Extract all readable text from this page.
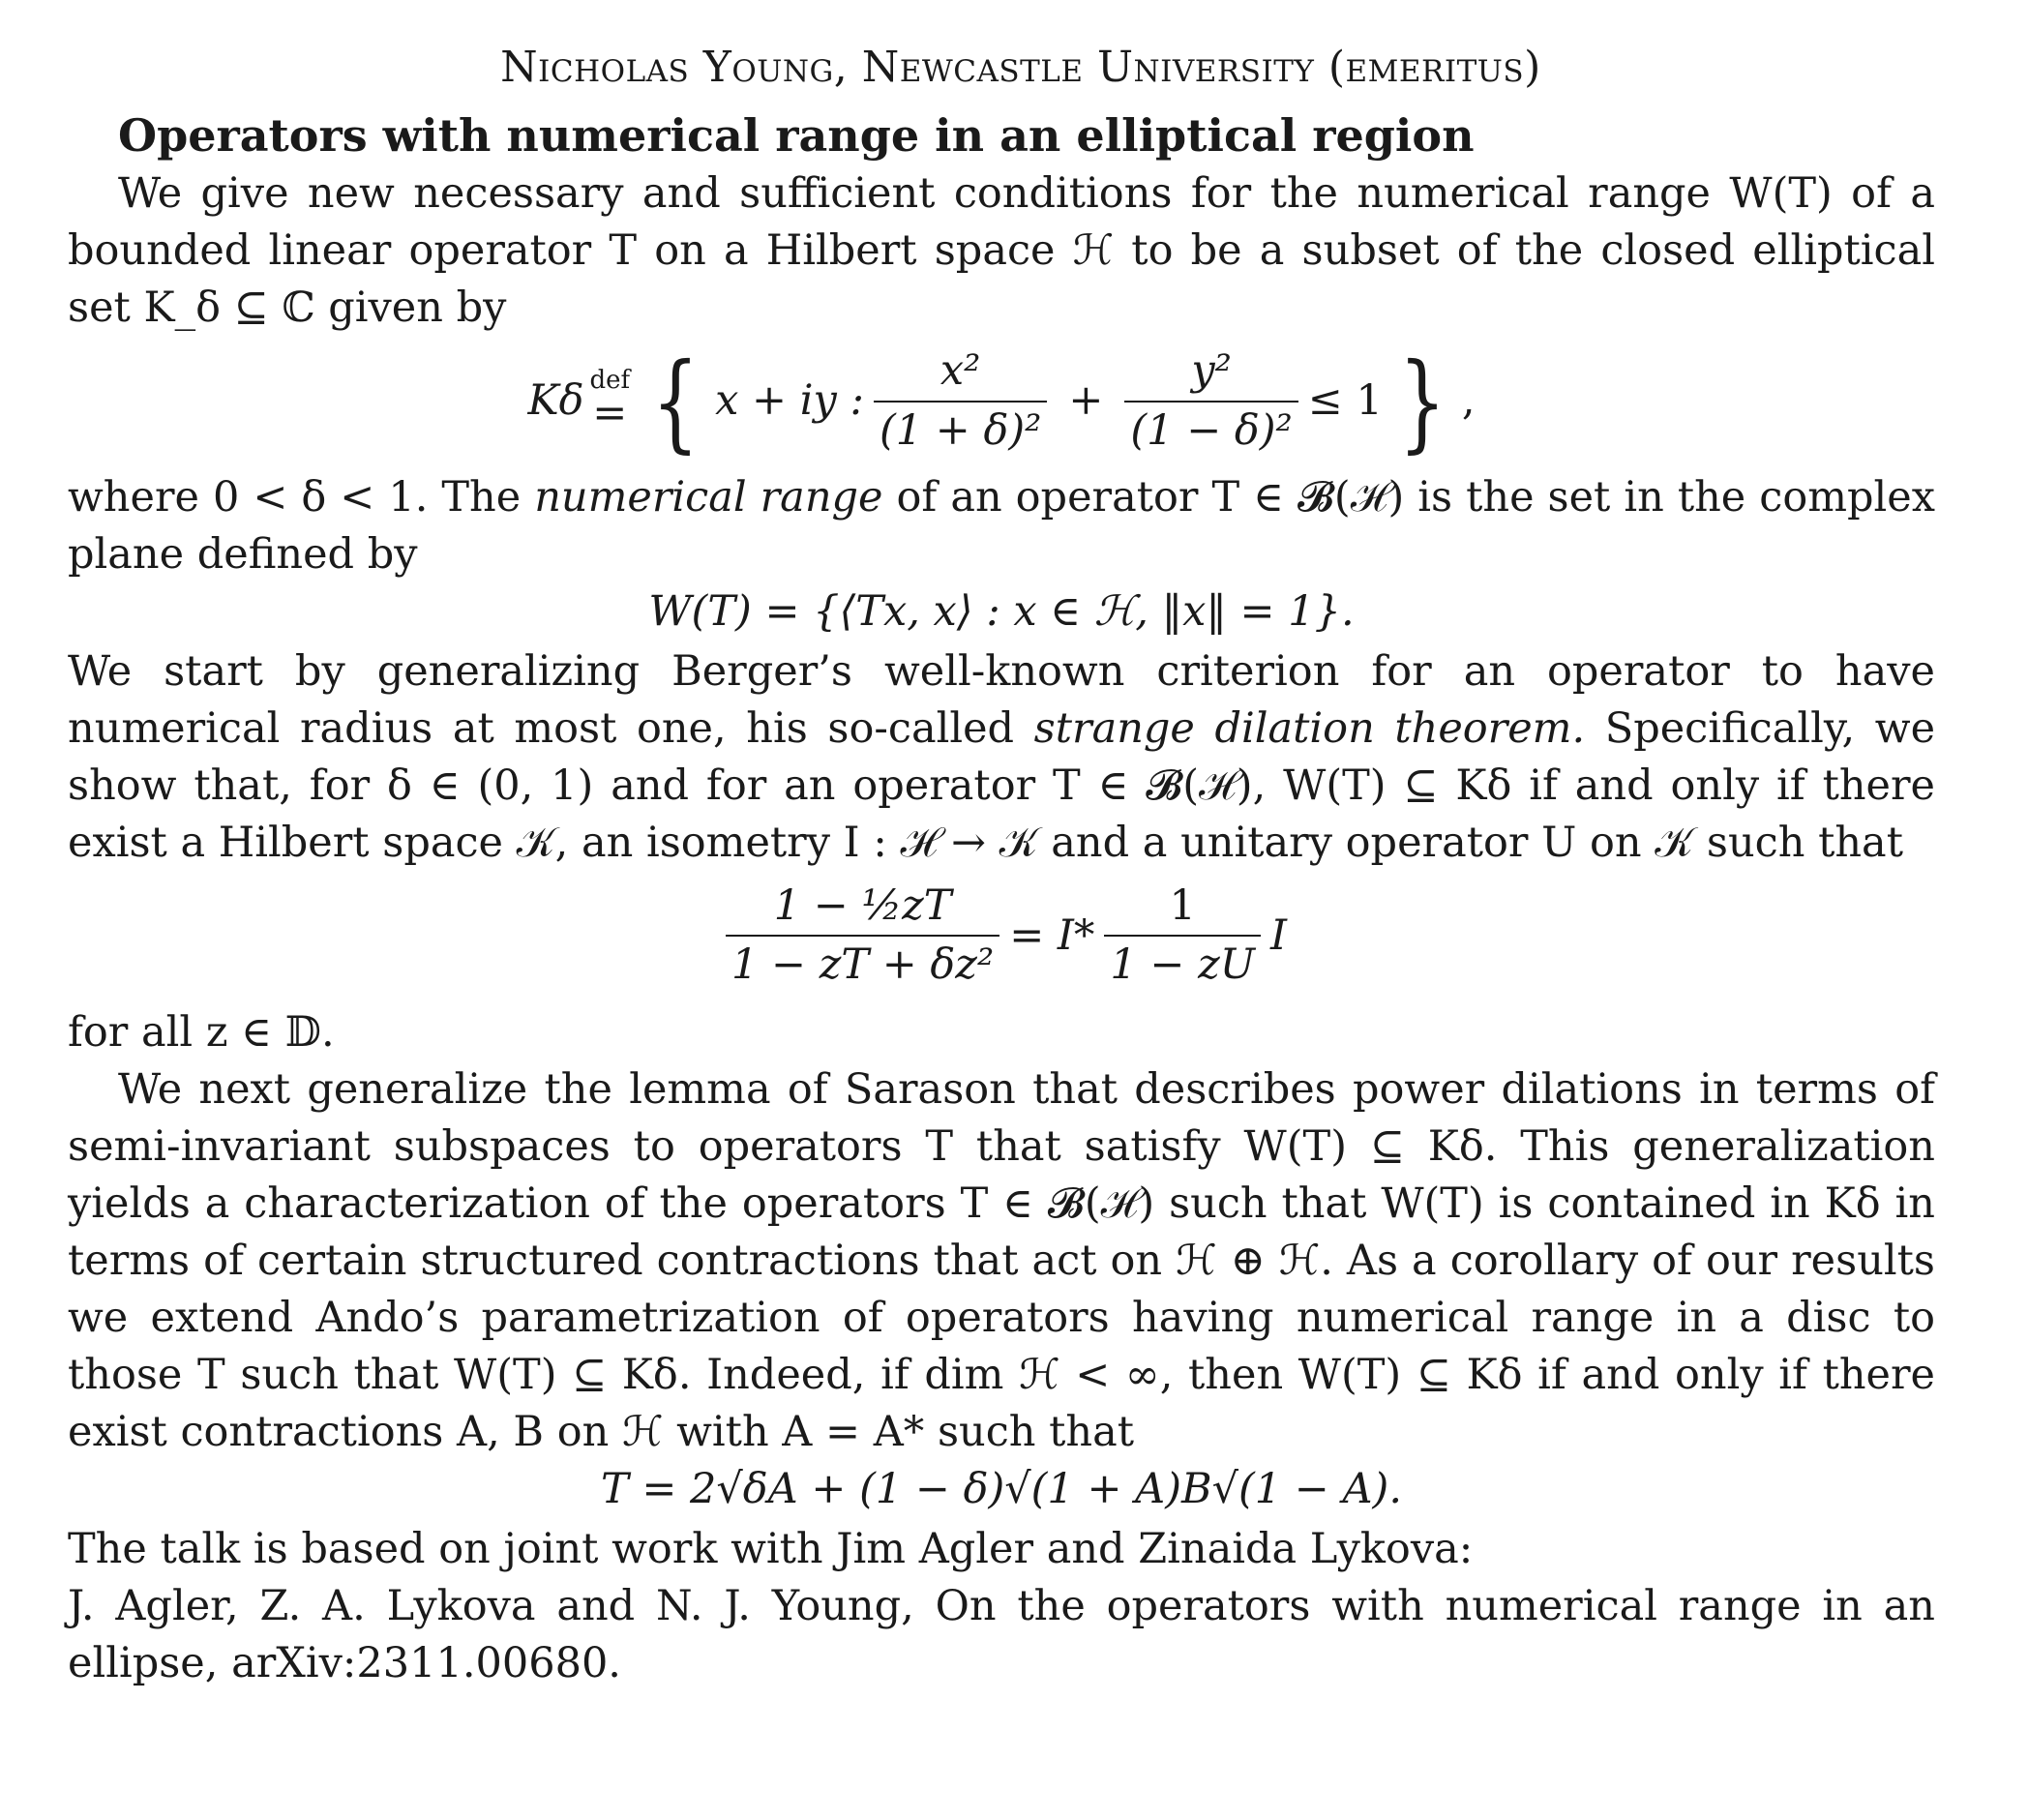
Nicholas Young, Newcastle University (emeritus)
Operators with numerical range in an elliptical region

We give new necessary and sufficient conditions for the numerical range W(T) of a bounded linear operator T on a Hilbert space ℋ to be a subset of the closed elliptical set K_δ ⊆ ℂ given by

Kδ def
= { x + iy : $\frac{\text{x²}}{\text{(1 + δ)²}} + \frac{\text{y²}}{\text{(1 − δ)²}} \le 1$ } ,

where 0 < δ < 1. The numerical range of an operator T ∈ 𝓑(ℋ) is the set in the complex plane defined by

W(T) = {⟨Tx, x⟩ : x ∈ ℋ, ‖x‖ = 1}.

We start by generalizing Berger’s well-known criterion for an operator to have numerical radius at most one, his so-called strange dilation theorem. Specifically, we show that, for δ ∈ (0, 1) and for an operator T ∈ 𝓑(ℋ), W(T) ⊆ Kδ if and only if there exist a Hilbert space 𝒦, an isometry I : ℋ → 𝒦 and a unitary operator U on 𝒦 such that

$\frac{\text{1 − ½zT}}{\text{1 − zT + δz²}} = I* \frac{1}{1 - zU}$ I

for all z ∈ 𝔻.

We next generalize the lemma of Sarason that describes power dilations in terms of semi-invariant subspaces to operators T that satisfy W(T) ⊆ Kδ. This generalization yields a characterization of the operators T ∈ 𝓑(ℋ) such that W(T) is contained in Kδ in terms of certain structured contractions that act on ℋ ⊕ ℋ. As a corollary of our results we extend Ando’s parametrization of operators having numerical range in a disc to those T such that W(T) ⊆ Kδ. Indeed, if dim ℋ < ∞, then W(T) ⊆ Kδ if and only if there exist contractions A, B on ℋ with A = A* such that

T = 2√δA + (1 − δ)√(1 + A)B√(1 − A).

The talk is based on joint work with Jim Agler and Zinaida Lykova:

J. Agler, Z. A. Lykova and N. J. Young, On the operators with numerical range in an ellipse, arXiv:2311.00680.
